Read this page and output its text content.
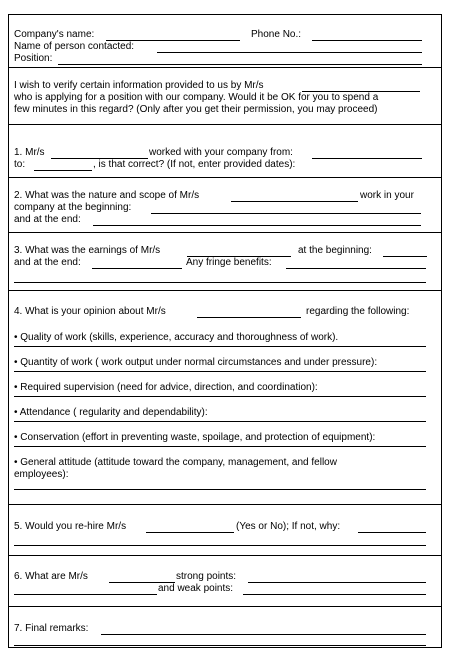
Company's name:	Phone No.:
Name of person contacted:
Position:
I wish to verify certain information provided to us by Mr/s
who is applying for a position with our company. Would it be OK for you to spend a
few minutes in this regard? (Only after you get their permission, you may proceed)
1. Mr/s	worked with your company from:
to:	, is that correct? (If not, enter provided dates):
2. What was the nature and scope of Mr/s	work in your
company at the beginning:
and at the end:
3. What was the earnings of Mr/s	at the beginning:
and at the end:	Any fringe benefits:
4. What is your opinion about Mr/s	regarding the following:
• Quality of work (skills, experience, accuracy and thoroughness of work).
• Quantity of work ( work output under normal circumstances and under pressure):
• Required supervision (need for advice, direction, and coordination):
• Attendance ( regularity and dependability):
• Conservation (effort in preventing waste, spoilage, and protection of equipment):
• General attitude (attitude toward the company, management, and fellow
employees):
5. Would you re-hire Mr/s	(Yes or No); If not, why:
6. What are Mr/s	strong points:
and weak points:
7. Final remarks:
